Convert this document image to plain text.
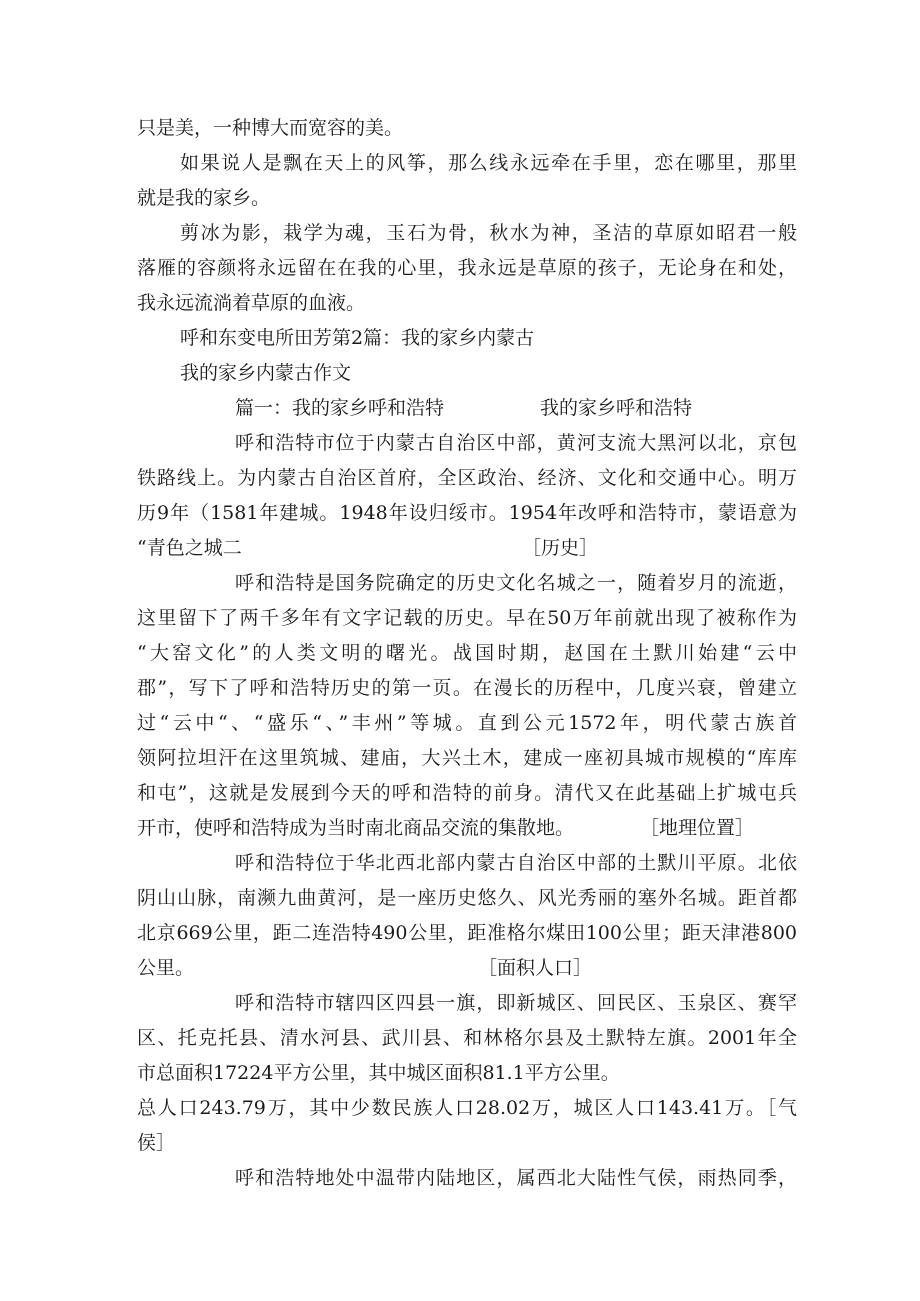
只是美，一种博大而宽容的美。
如果说人是飘在天上的风筝，那么线永远牵在手里，恋在哪里，那里
就是我的家乡。
剪冰为影，栽学为魂，玉石为骨，秋水为神，圣洁的草原如昭君一般
落雁的容颜将永远留在在我的心里，我永远是草原的孩子，无论身在和处，
我永远流淌着草原的血液。
呼和东变电所田芳第2篇：我的家乡内蒙古
我的家乡内蒙古作文
篇一：我的家乡呼和浩特	我的家乡呼和浩特
呼和浩特市位于内蒙古自治区中部，黄河支流大黑河以北，京包
铁路线上。为内蒙古自治区首府，全区政治、经济、文化和交通中心。明万
历9年（1581年建城。1948年设归绥市。1954年改呼和浩特市，蒙语意为
“青色之城二	［历史］
呼和浩特是国务院确定的历史文化名城之一，随着岁月的流逝，
这里留下了两千多年有文字记载的历史。早在50万年前就出现了被称作为
“大窑文化”的人类文明的曙光。战国时期，赵国在土默川始建“云中
郡”，写下了呼和浩特历史的第一页。在漫长的历程中，几度兴衰，曾建立
过“云中“、“盛乐“、”丰州”等城。直到公元1572年，明代蒙古族首
领阿拉坦汗在这里筑城、建庙，大兴土木，建成一座初具城市规模的“库库
和屯”，这就是发展到今天的呼和浩特的前身。清代又在此基础上扩城屯兵
开市，使呼和浩特成为当时南北商品交流的集散地。	［地理位置］
呼和浩特位于华北西北部内蒙古自治区中部的土默川平原。北依
阴山山脉，南濒九曲黄河，是一座历史悠久、风光秀丽的塞外名城。距首都
北京669公里，距二连浩特490公里，距准格尔煤田100公里；距天津港800
公里。	［面积人口］
呼和浩特市辖四区四县一旗，即新城区、回民区、玉泉区、赛罕
区、托克托县、清水河县、武川县、和林格尔县及土默特左旗。2001年全
市总面积17224平方公里，其中城区面积81.1平方公里。
总人口243.79万，其中少数民族人口28.02万，城区人口143.41万。［气
侯］
呼和浩特地处中温带内陆地区，属西北大陆性气侯，雨热同季，
